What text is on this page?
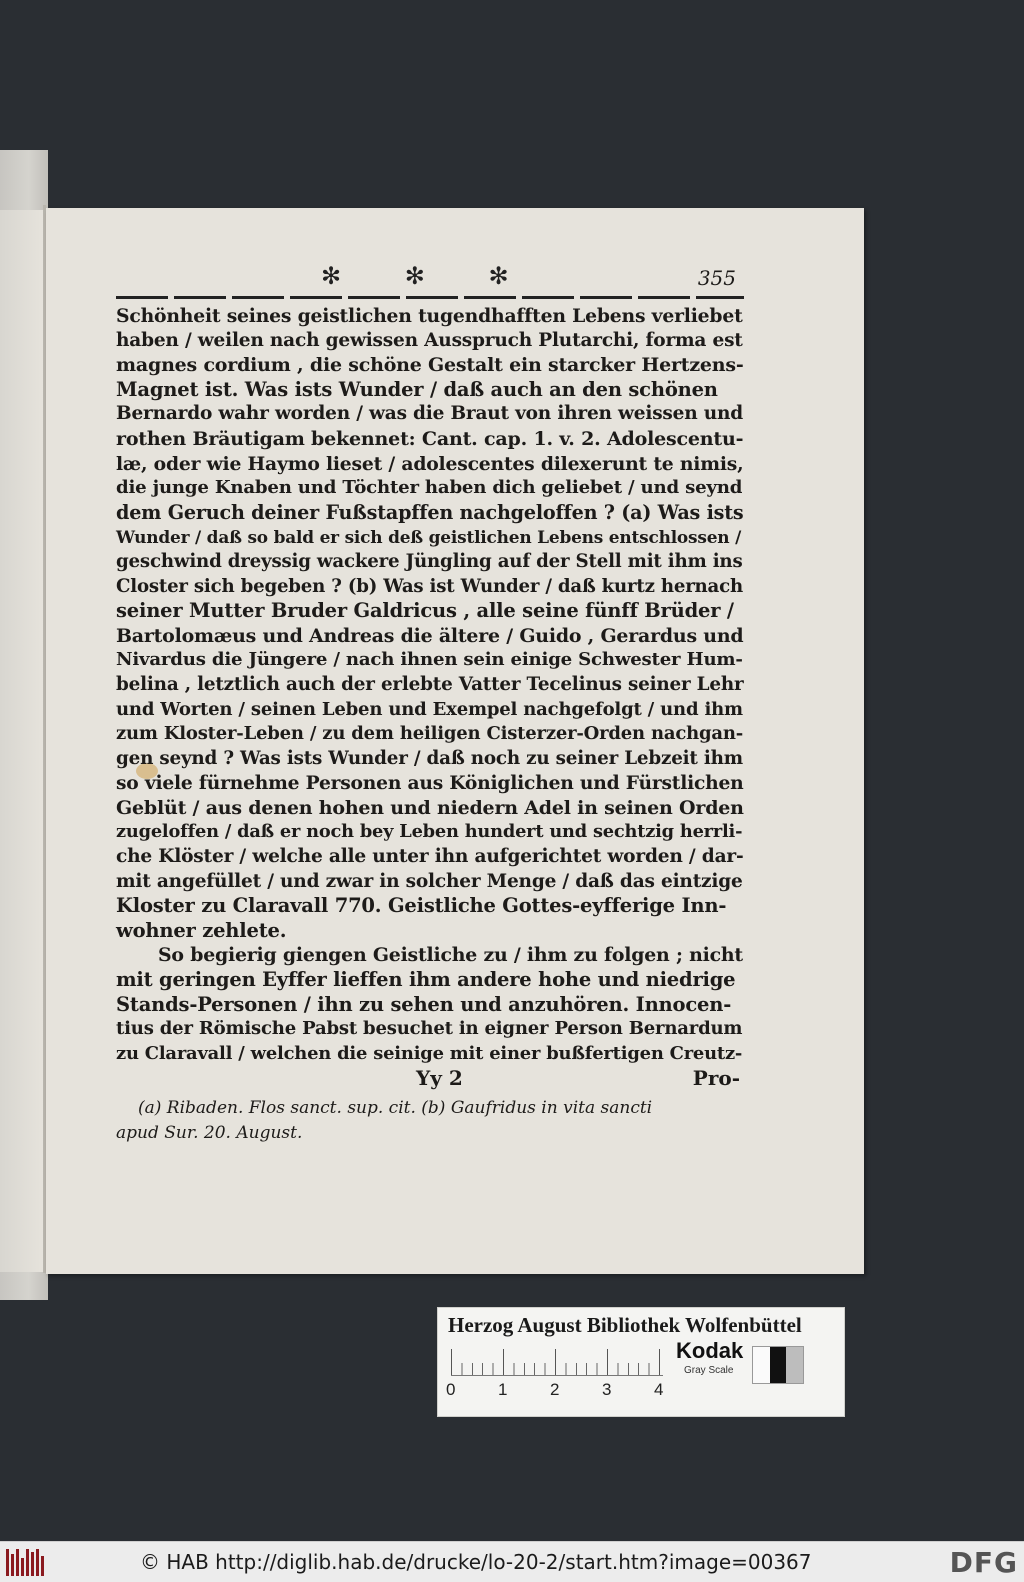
✻ ✻ ✻	355
Schönheit seines geistlichen tugendhafften Lebens verliebet
haben / weilen nach gewissen Ausspruch Plutarchi, forma est
magnes cordium , die schöne Gestalt ein starcker Hertzens-
Magnet ist. Was ists Wunder / daß auch an den schönen
Bernardo wahr worden / was die Braut von ihren weissen und
rothen Bräutigam bekennet: Cant. cap. 1. v. 2. Adolescentu-
læ, oder wie Haymo lieset / adolescentes dilexerunt te nimis,
die junge Knaben und Töchter haben dich geliebet / und seynd
dem Geruch deiner Fußstapffen nachgeloffen ? (a) Was ists
Wunder / daß so bald er sich deß geistlichen Lebens entschlossen /
geschwind dreyssig wackere Jüngling auf der Stell mit ihm ins
Closter sich begeben ? (b) Was ist Wunder / daß kurtz hernach
seiner Mutter Bruder Galdricus , alle seine fünff Brüder /
Bartolomæus und Andreas die ältere / Guido , Gerardus und
Nivardus die Jüngere / nach ihnen sein einige Schwester Hum-
belina , letztlich auch der erlebte Vatter Tecelinus seiner Lehr
und Worten / seinen Leben und Exempel nachgefolgt / und ihm
zum Kloster-Leben / zu dem heiligen Cisterzer-Orden nachgan-
gen seynd ? Was ists Wunder / daß noch zu seiner Lebzeit ihm
so viele fürnehme Personen aus Königlichen und Fürstlichen
Geblüt / aus denen hohen und niedern Adel in seinen Orden
zugeloffen / daß er noch bey Leben hundert und sechtzig herrli-
che Klöster / welche alle unter ihn aufgerichtet worden / dar-
mit angefüllet / und zwar in solcher Menge / daß das eintzige
Kloster zu Claravall 770. Geistliche Gottes-eyfferige Inn-
wohner zehlete.
So begierig giengen Geistliche zu / ihm zu folgen ; nicht
mit geringen Eyffer lieffen ihm andere hohe und niedrige
Stands-Personen / ihn zu sehen und anzuhören. Innocen-
tius der Römische Pabst besuchet in eigner Person Bernardum
zu Claravall / welchen die seinige mit einer bußfertigen Creutz-
Yy 2	Pro-
(a) Ribaden. Flos sanct. sup. cit. (b) Gaufridus in vita sancti
apud Sur. 20. August.
Herzog August Bibliothek Wolfenbüttel
0	1	2	3	4
Kodak
Gray Scale
© HAB http://diglib.hab.de/drucke/lo-20-2/start.htm?image=00367	DFG
